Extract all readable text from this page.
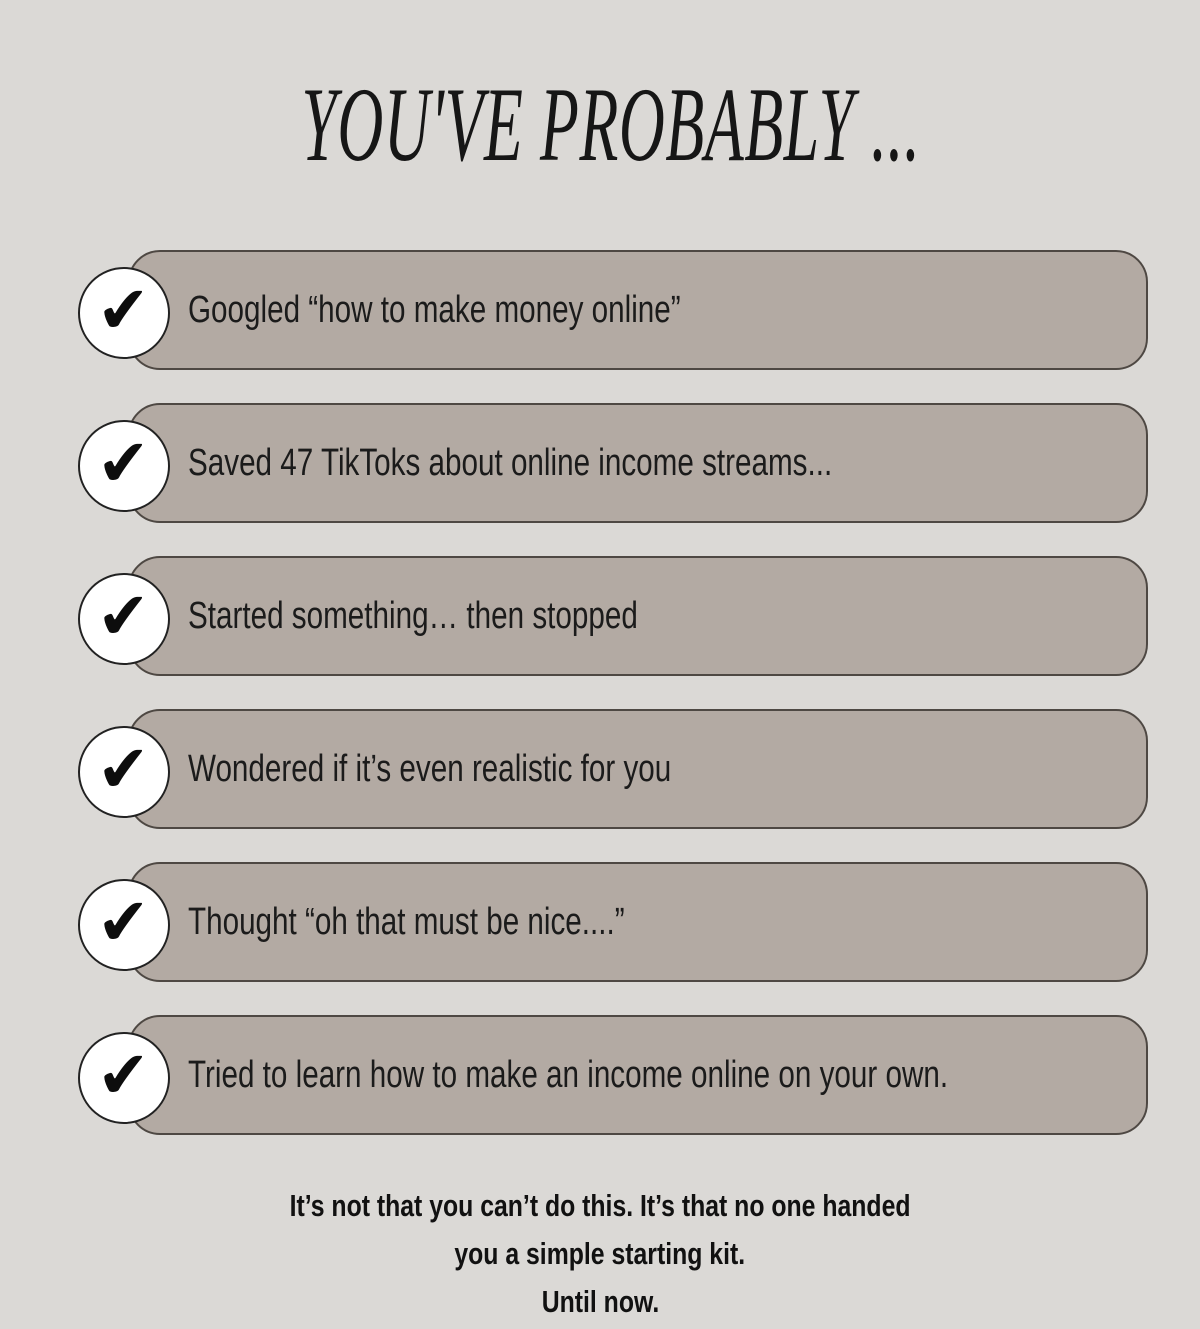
YOU'VE PROBABLY ...
✔ Googled “how to make money online”
✔ Saved 47 TikToks about online income streams...
✔ Started something… then stopped
✔ Wondered if it’s even realistic for you
✔ Thought “oh that must be nice....”
✔ Tried to learn how to make an income online on your own.
It’s not that you can’t do this. It’s that no one handed
you a simple starting kit.
Until now.
